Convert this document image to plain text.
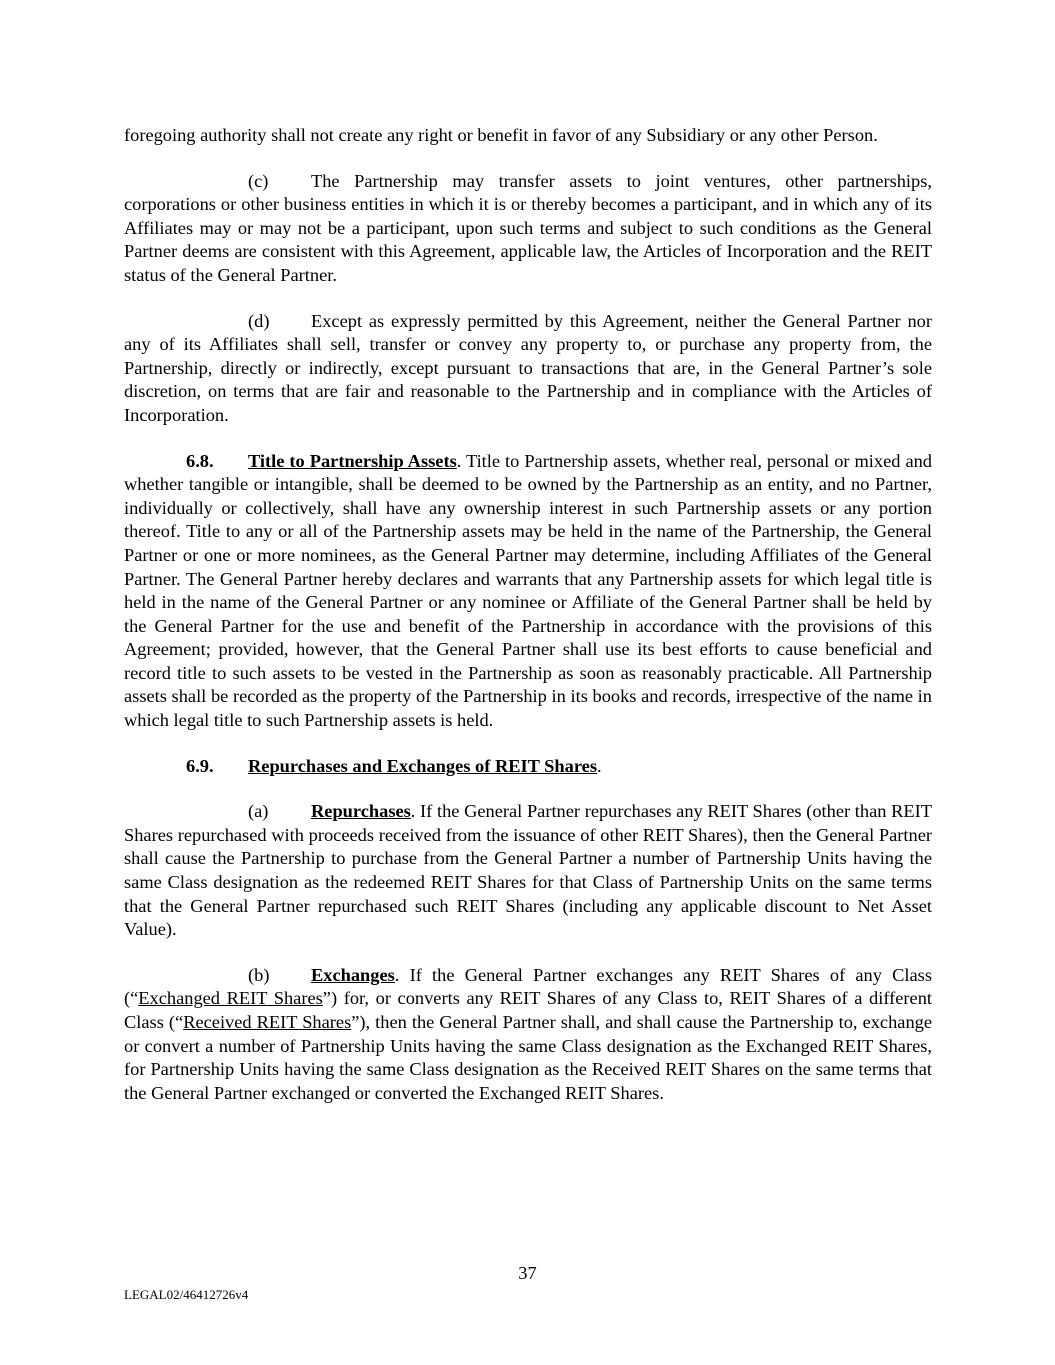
foregoing authority shall not create any right or benefit in favor of any Subsidiary or any other Person.

(c) The Partnership may transfer assets to joint ventures, other partnerships, corporations or other business entities in which it is or thereby becomes a participant, and in which any of its Affiliates may or may not be a participant, upon such terms and subject to such conditions as the General Partner deems are consistent with this Agreement, applicable law, the Articles of Incorporation and the REIT status of the General Partner.

(d) Except as expressly permitted by this Agreement, neither the General Partner nor any of its Affiliates shall sell, transfer or convey any property to, or purchase any property from, the Partnership, directly or indirectly, except pursuant to transactions that are, in the General Partner’s sole discretion, on terms that are fair and reasonable to the Partnership and in compliance with the Articles of Incorporation.

6.8. Title to Partnership Assets. Title to Partnership assets, whether real, personal or mixed and whether tangible or intangible, shall be deemed to be owned by the Partnership as an entity, and no Partner, individually or collectively, shall have any ownership interest in such Partnership assets or any portion thereof. Title to any or all of the Partnership assets may be held in the name of the Partnership, the General Partner or one or more nominees, as the General Partner may determine, including Affiliates of the General Partner. The General Partner hereby declares and warrants that any Partnership assets for which legal title is held in the name of the General Partner or any nominee or Affiliate of the General Partner shall be held by the General Partner for the use and benefit of the Partnership in accordance with the provisions of this Agreement; provided, however, that the General Partner shall use its best efforts to cause beneficial and record title to such assets to be vested in the Partnership as soon as reasonably practicable. All Partnership assets shall be recorded as the property of the Partnership in its books and records, irrespective of the name in which legal title to such Partnership assets is held.

6.9. Repurchases and Exchanges of REIT Shares.

(a) Repurchases. If the General Partner repurchases any REIT Shares (other than REIT Shares repurchased with proceeds received from the issuance of other REIT Shares), then the General Partner shall cause the Partnership to purchase from the General Partner a number of Partnership Units having the same Class designation as the redeemed REIT Shares for that Class of Partnership Units on the same terms that the General Partner repurchased such REIT Shares (including any applicable discount to Net Asset Value).

(b) Exchanges. If the General Partner exchanges any REIT Shares of any Class (“Exchanged REIT Shares”) for, or converts any REIT Shares of any Class to, REIT Shares of a different Class (“Received REIT Shares”), then the General Partner shall, and shall cause the Partnership to, exchange or convert a number of Partnership Units having the same Class designation as the Exchanged REIT Shares, for Partnership Units having the same Class designation as the Received REIT Shares on the same terms that the General Partner exchanged or converted the Exchanged REIT Shares.

37
LEGAL02/46412726v4
